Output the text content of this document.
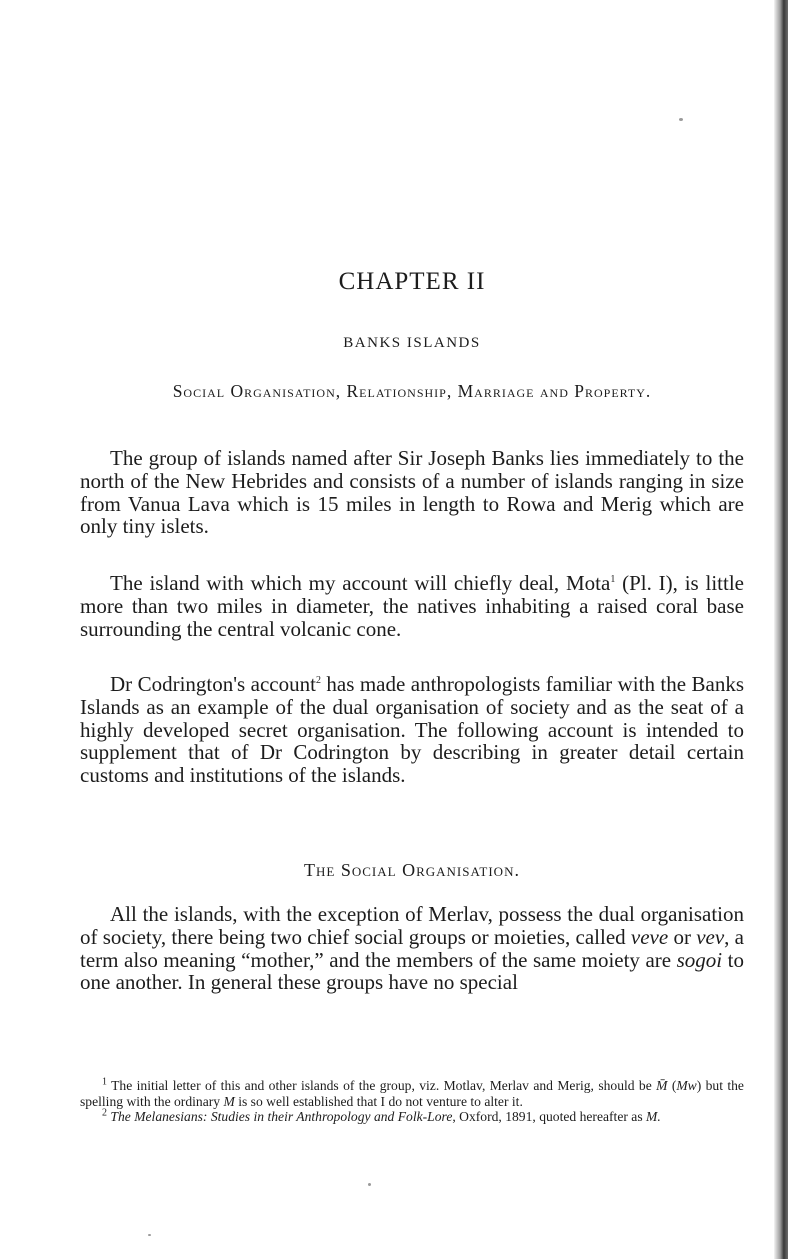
CHAPTER II
BANKS ISLANDS
Social Organisation, Relationship, Marriage and Property.

The group of islands named after Sir Joseph Banks lies immediately to the north of the New Hebrides and consists of a number of islands ranging in size from Vanua Lava which is 15 miles in length to Rowa and Merig which are only tiny islets.

The island with which my account will chiefly deal, Mota$^1$ (Pl. I), is little more than two miles in diameter, the natives inhabiting a raised coral base surrounding the central volcanic cone.

Dr Codrington's account$^2$ has made anthropologists familiar with the Banks Islands as an example of the dual organisation of society and as the seat of a highly developed secret organisation. The following account is intended to supplement that of Dr Codrington by describing in greater detail certain customs and institutions of the islands.

The Social Organisation.

All the islands, with the exception of Merlav, possess the dual organisation of society, there being two chief social groups or moieties, called veve or vev, a term also meaning “mother,” and the members of the same moiety are sogoi to one another. In general these groups have no special

$^1$ The initial letter of this and other islands of the group, viz. Motlav, Merlav and Merig, should be M̄ (Mw) but the spelling with the ordinary M is so well established that I do not venture to alter it.

$^2$ The Melanesians: Studies in their Anthropology and Folk-Lore, Oxford, 1891, quoted hereafter as M.
